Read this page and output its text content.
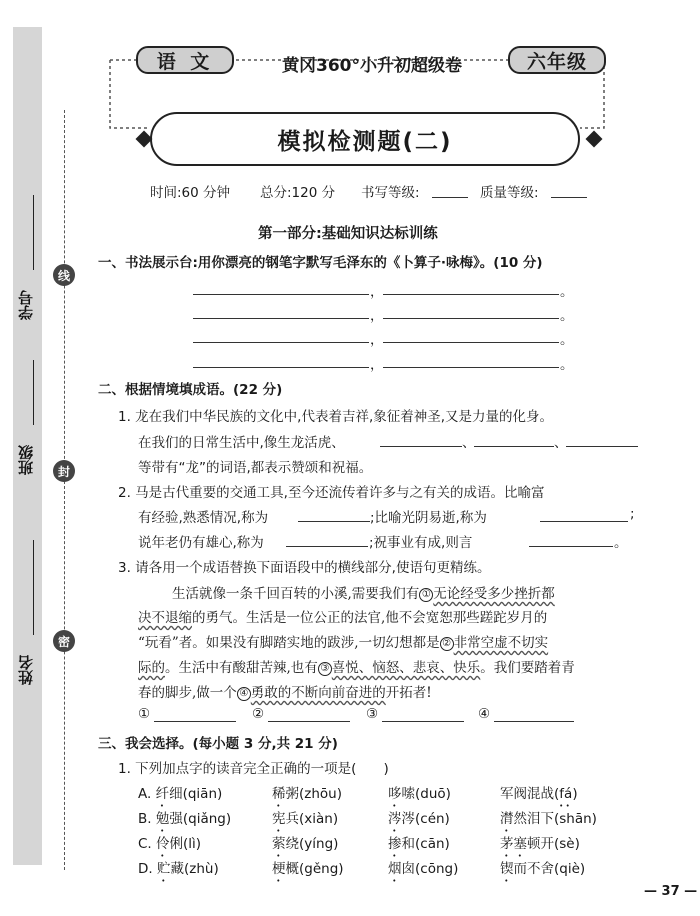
学号
班级
姓名
线
封
密
语 文	黄冈360°小升初超级卷	六年级
模拟检测题(二)
时间:60 分钟 总分:120 分 书写等级:	质量等级:
第一部分:基础知识达标训练
一、书法展示台:用你漂亮的钢笔字默写毛泽东的《卜算子·咏梅》。(10 分)
，	。
，	。
，	。
，	。
二、根据情境填成语。(22 分)
1. 龙在我们中华民族的文化中,代表着吉祥,象征着神圣,又是力量的化身。
在我们的日常生活中,像生龙活虎、	、	、
等带有“龙”的词语,都表示赞颂和祝福。
2. 马是古代重要的交通工具,至今还流传着许多与之有关的成语。比喻富
有经验,熟悉情况,称为	;比喻光阴易逝,称为	;
说年老仍有雄心,称为	;祝事业有成,则言	。
3. 请各用一个成语替换下面语段中的横线部分,使语句更精练。
生活就像一条千回百转的小溪,需要我们有 ① 无论经受多少挫折都
决不退缩的勇气。生活是一位公正的法官,他不会宽恕那些蹉跎岁月的
“玩看”者。如果没有脚踏实地的跋涉,一切幻想都是 ② 非常空虚不切实
际的。生活中有酸甜苦辣,也有 ③ 喜悦、恼怒、悲哀、快乐。我们要踏着青
春的脚步,做一个 ④ 勇敢的不断向前奋进的开拓者!
①	②	③	④
三、我会选择。(每小题 3 分,共 21 分)
1. 下列加点字的读音完全正确的一项是(　　)
A. 纤细(qiān)	稀粥(zhōu)	哆嗦(duō)	军阀混战(fá)
B. 勉强(qiǎng)	宪兵(xiàn)	涔涔(cén)	潸然泪下(shān)
C. 伶俐(lì)	萦绕(yíng)	掺和(cān)	茅塞顿开(sè)
D. 贮藏(zhù)	梗概(gěng)	烟囱(cōng)	锲而不舍(qiè)
— 37 —
